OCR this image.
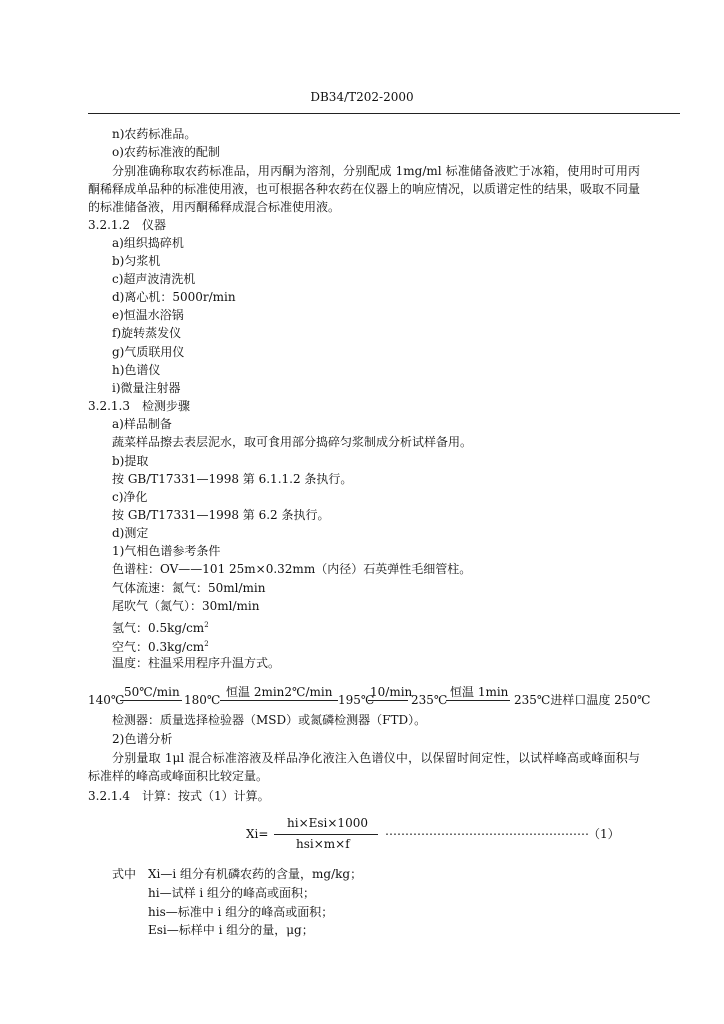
DB34/T202-2000
n)农药标准品。
o)农药标准液的配制
分别准确称取农药标准品，用丙酮为溶剂，分别配成 1mg/ml 标准储备液贮于冰箱，使用时可用丙酮稀释成单品种的标准使用液，也可根据各种农药在仪器上的响应情况，以质谱定性的结果，吸取不同量的标准储备液，用丙酮稀释成混合标准使用液。
3.2.1.2　仪器
a)组织捣碎机
b)匀浆机
c)超声波清洗机
d)离心机：5000r/min
e)恒温水浴锅
f)旋转蒸发仪
g)气质联用仪
h)色谱仪
i)微量注射器
3.2.1.3　检测步骤
a)样品制备
蔬菜样品擦去表层泥水，取可食用部分捣碎匀浆制成分析试样备用。
b)提取
按 GB/T17331—1998 第 6.1.1.2 条执行。
c)净化
按 GB/T17331—1998 第 6.2 条执行。
d)测定
1)气相色谱参考条件
色谱柱：OV——101 25m×0.32mm（内径）石英弹性毛细管柱。
气体流速：氮气：50ml/min
尾吹气（氮气）：30ml/min
氢气：$0.5kg/cm^2$
空气：$0.3kg/cm^2$
温度：柱温采用程序升温方式。
140℃
50℃/min
180℃
恒温 2min2℃/min
195℃
10/min
235℃
恒温 1min
235℃进样口温度 250℃
检测器：质量选择检验器（MSD）或氮磷检测器（FTD）。
2)色谱分析
分别量取 1μl 混合标准溶液及样品净化液注入色谱仪中，以保留时间定性，以试样峰高或峰面积与标准样的峰高或峰面积比较定量。
3.2.1.4　计算：按式（1）计算。
Xi=
hi×Esi×1000
hsi×m×f
…………………………………………… （1）
式中 Xi—i 组分有机磷农药的含量，mg/kg；
hi—试样 i 组分的峰高或面积；
his—标准中 i 组分的峰高或面积；
Esi—标样中 i 组分的量，μg；
